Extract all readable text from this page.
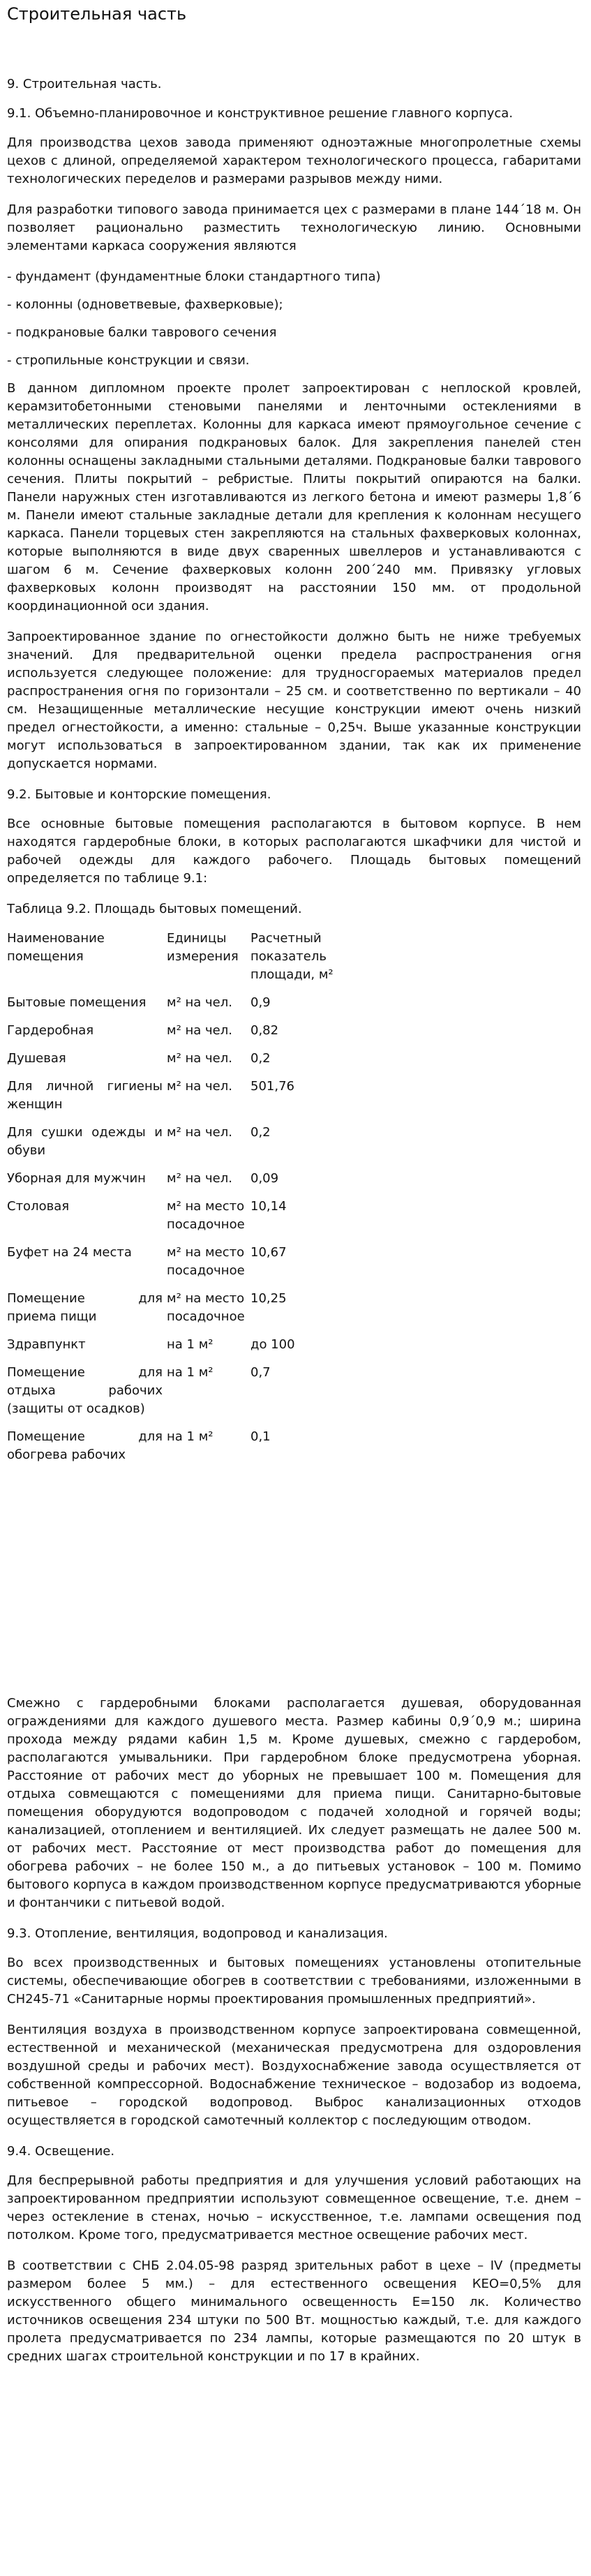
Строительная часть

9. Строительная часть.

9.1. Объемно-планировочное и конструктивное решение главного корпуса.

Для производства цехов завода применяют одноэтажные многопролетные схемы цехов с длиной, определяемой характером технологического процесса, габаритами технологических переделов и размерами разрывов между ними.

Для разработки типового завода принимается цех с размерами в плане 144´18 м. Он позволяет рационально разместить технологическую линию. Основными элементами каркаса сооружения являются

- фундамент (фундаментные блоки стандартного типа)

- колонны (одноветвевые, фахверковые);

- подкрановые балки таврового сечения

- стропильные конструкции и связи.

В данном дипломном проекте пролет запроектирован с неплоской кровлей, керамзитобетонными стеновыми панелями и ленточными остеклениями в металлических переплетах. Колонны для каркаса имеют прямоугольное сечение с консолями для опирания подкрановых балок. Для закрепления панелей стен колонны оснащены закладными стальными деталями. Подкрановые балки таврового сечения. Плиты покрытий – ребристые. Плиты покрытий опираются на балки. Панели наружных стен изготавливаются из легкого бетона и имеют размеры 1,8´6 м. Панели имеют стальные закладные детали для крепления к колоннам несущего каркаса. Панели торцевых стен закрепляются на стальных фахверковых колоннах, которые выполняются в виде двух сваренных швеллеров и устанавливаются с шагом 6 м. Сечение фахверковых колонн 200´240 мм. Привязку угловых фахверковых колонн производят на расстоянии 150 мм. от продольной координационной оси здания.

Запроектированное здание по огнестойкости должно быть не ниже требуемых значений. Для предварительной оценки предела распространения огня используется следующее положение: для трудносгораемых материалов предел распространения огня по горизонтали – 25 см. и соответственно по вертикали – 40 см. Незащищенные металлические несущие конструкции имеют очень низкий предел огнестойкости, а именно: стальные – 0,25ч. Выше указанные конструкции могут использоваться в запроектированном здании, так как их применение допускается нормами.

9.2. Бытовые и конторские помещения.

Все основные бытовые помещения располагаются в бытовом корпусе. В нем находятся гардеробные блоки, в которых располагаются шкафчики для чистой и рабочей одежды для каждого рабочего. Площадь бытовых помещений определяется по таблице 9.1:

Таблица 9.2. Площадь бытовых помещений.

Наименование помещения	Единицы измерения	Расчетный показатель площади, м²
Бытовые помещения	м² на чел.	0,9
Гардеробная	м² на чел.	0,82
Душевая	м² на чел.	0,2
Для личной гигиены женщин	м² на чел.	501,76
Для сушки одежды и обуви	м² на чел.	0,2
Уборная для мужчин	м² на чел.	0,09
Столовая	м² на место посадочное	10,14
Буфет на 24 места	м² на место посадочное	10,67
Помещение для приема пищи	м² на место посадочное	10,25
Здравпункт	на 1 м²	до 100
Помещение для отдыха рабочих (защиты от осадков)	на 1 м²	0,7
Помещение для обогрева рабочих	на 1 м²	0,1

Смежно с гардеробными блоками располагается душевая, оборудованная ограждениями для каждого душевого места. Размер кабины 0,9´0,9 м.; ширина прохода между рядами кабин 1,5 м. Кроме душевых, смежно с гардеробом, располагаются умывальники. При гардеробном блоке предусмотрена уборная. Расстояние от рабочих мест до уборных не превышает 100 м. Помещения для отдыха совмещаются с помещениями для приема пищи. Санитарно-бытовые помещения оборудуются водопроводом с подачей холодной и горячей воды; канализацией, отоплением и вентиляцией. Их следует размещать не далее 500 м. от рабочих мест. Расстояние от мест производства работ до помещения для обогрева рабочих – не более 150 м., а до питьевых установок – 100 м. Помимо бытового корпуса в каждом производственном корпусе предусматриваются уборные и фонтанчики с питьевой водой.

9.3. Отопление, вентиляция, водопровод и канализация.

Во всех производственных и бытовых помещениях установлены отопительные системы, обеспечивающие обогрев в соответствии с требованиями, изложенными в СН245-71 «Санитарные нормы проектирования промышленных предприятий».

Вентиляция воздуха в производственном корпусе запроектирована совмещенной, естественной и механической (механическая предусмотрена для оздоровления воздушной среды и рабочих мест). Воздухоснабжение завода осуществляется от собственной компрессорной. Водоснабжение техническое – водозабор из водоема, питьевое – городской водопровод. Выброс канализационных отходов осуществляется в городской самотечный коллектор с последующим отводом.

9.4. Освещение.

Для беспрерывной работы предприятия и для улучшения условий работающих на запроектированном предприятии используют совмещенное освещение, т.е. днем – через остекление в стенах, ночью – искусственное, т.е. лампами освещения под потолком. Кроме того, предусматривается местное освещение рабочих мест.

В соответствии с СНБ 2.04.05-98 разряд зрительных работ в цехе – IV (предметы размером более 5 мм.) – для естественного освещения КЕО=0,5% для искусственного общего минимального освещенность Е=150 лк. Количество источников освещения 234 штуки по 500 Вт. мощностью каждый, т.е. для каждого пролета предусматривается по 234 лампы, которые размещаются по 20 штук в средних шагах строительной конструкции и по 17 в крайних.
